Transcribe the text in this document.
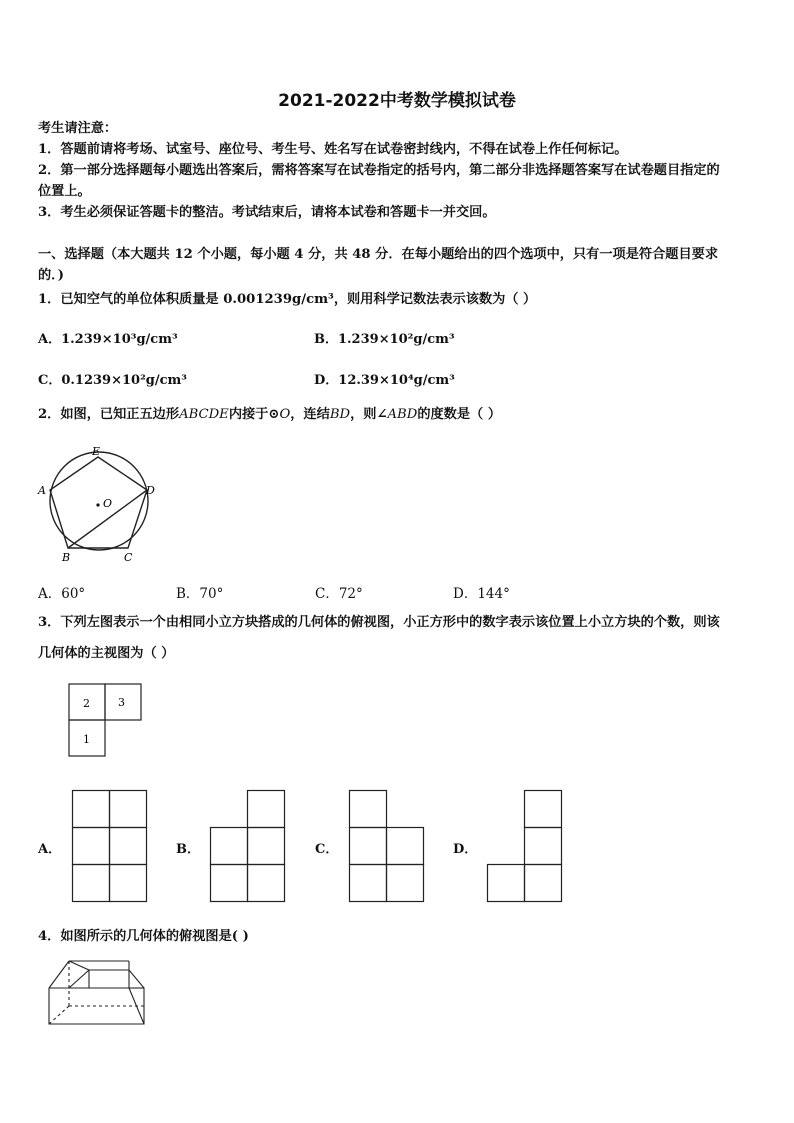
2021-2022中考数学模拟试卷
考生请注意：
1．答题前请将考场、试室号、座位号、考生号、姓名写在试卷密封线内，不得在试卷上作任何标记。
2．第一部分选择题每小题选出答案后，需将答案写在试卷指定的括号内，第二部分非选择题答案写在试卷题目指定的
位置上。
3．考生必须保证答题卡的整洁。考试结束后，请将本试卷和答题卡一并交回。
一、选择题（本大题共 12 个小题，每小题 4 分，共 48 分．在每小题给出的四个选项中，只有一项是符合题目要求
的．)
1．已知空气的单位体积质量是 0.001239g/cm³，则用科学记数法表示该数为（ ）
A．1.239×10³g/cm³	B．1.239×10²g/cm³
C．0.1239×10²g/cm³	D．12.39×10⁴g/cm³
2．如图，已知正五边形ABCDE内接于⊙O，连结BD，则∠ABD的度数是（ ）
E
A	D
B	C
O
A．60°	B．70°	C．72°	D．144°
3．下列左图表示一个由相同小立方块搭成的几何体的俯视图，小正方形中的数字表示该位置上小立方块的个数，则该
几何体的主视图为（ ）
2	3
1
A．	B．	C．	D．
4．如图所示的几何体的俯视图是( )
